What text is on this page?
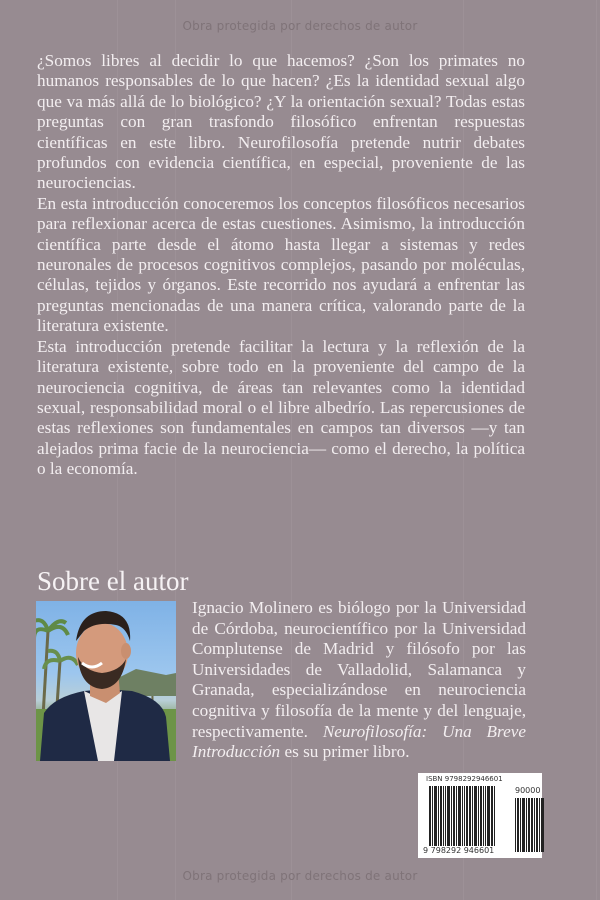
Obra protegida por derechos de autor

¿Somos libres al decidir lo que hacemos? ¿Son los primates no humanos responsables de lo que hacen? ¿Es la identidad sexual algo que va más allá de lo biológico? ¿Y la orientación sexual? Todas estas preguntas con gran trasfondo filosófico enfrentan respuestas científicas en este libro. Neurofilosofía pretende nutrir debates profundos con evidencia científica, en especial, proveniente de las neurociencias.

En esta introducción conoceremos los conceptos filosóficos necesarios para reflexionar acerca de estas cuestiones. Asimismo, la introducción científica parte desde el átomo hasta llegar a sistemas y redes neuronales de procesos cognitivos complejos, pasando por moléculas, células, tejidos y órganos. Este recorrido nos ayudará a enfrentar las preguntas mencionadas de una manera crítica, valorando parte de la literatura existente.

Esta introducción pretende facilitar la lectura y la reflexión de la literatura existente, sobre todo en la proveniente del campo de la neurociencia cognitiva, de áreas tan relevantes como la identidad sexual, responsabilidad moral o el libre albedrío. Las repercusiones de estas reflexiones son fundamentales en campos tan diversos —y tan alejados prima facie de la neurociencia— como el derecho, la política o la economía.

Sobre el autor

Ignacio Molinero es biólogo por la Universidad de Córdoba, neurocientífico por la Universidad Complutense de Madrid y filósofo por las Universidades de Valladolid, Salamanca y Granada, especializándose en neurociencia cognitiva y filosofía de la mente y del lenguaje, respectivamente. Neurofilosofía: Una Breve Introducción es su primer libro.

ISBN 9798292946601
90000
9 798292 946601
Obra protegida por derechos de autor
